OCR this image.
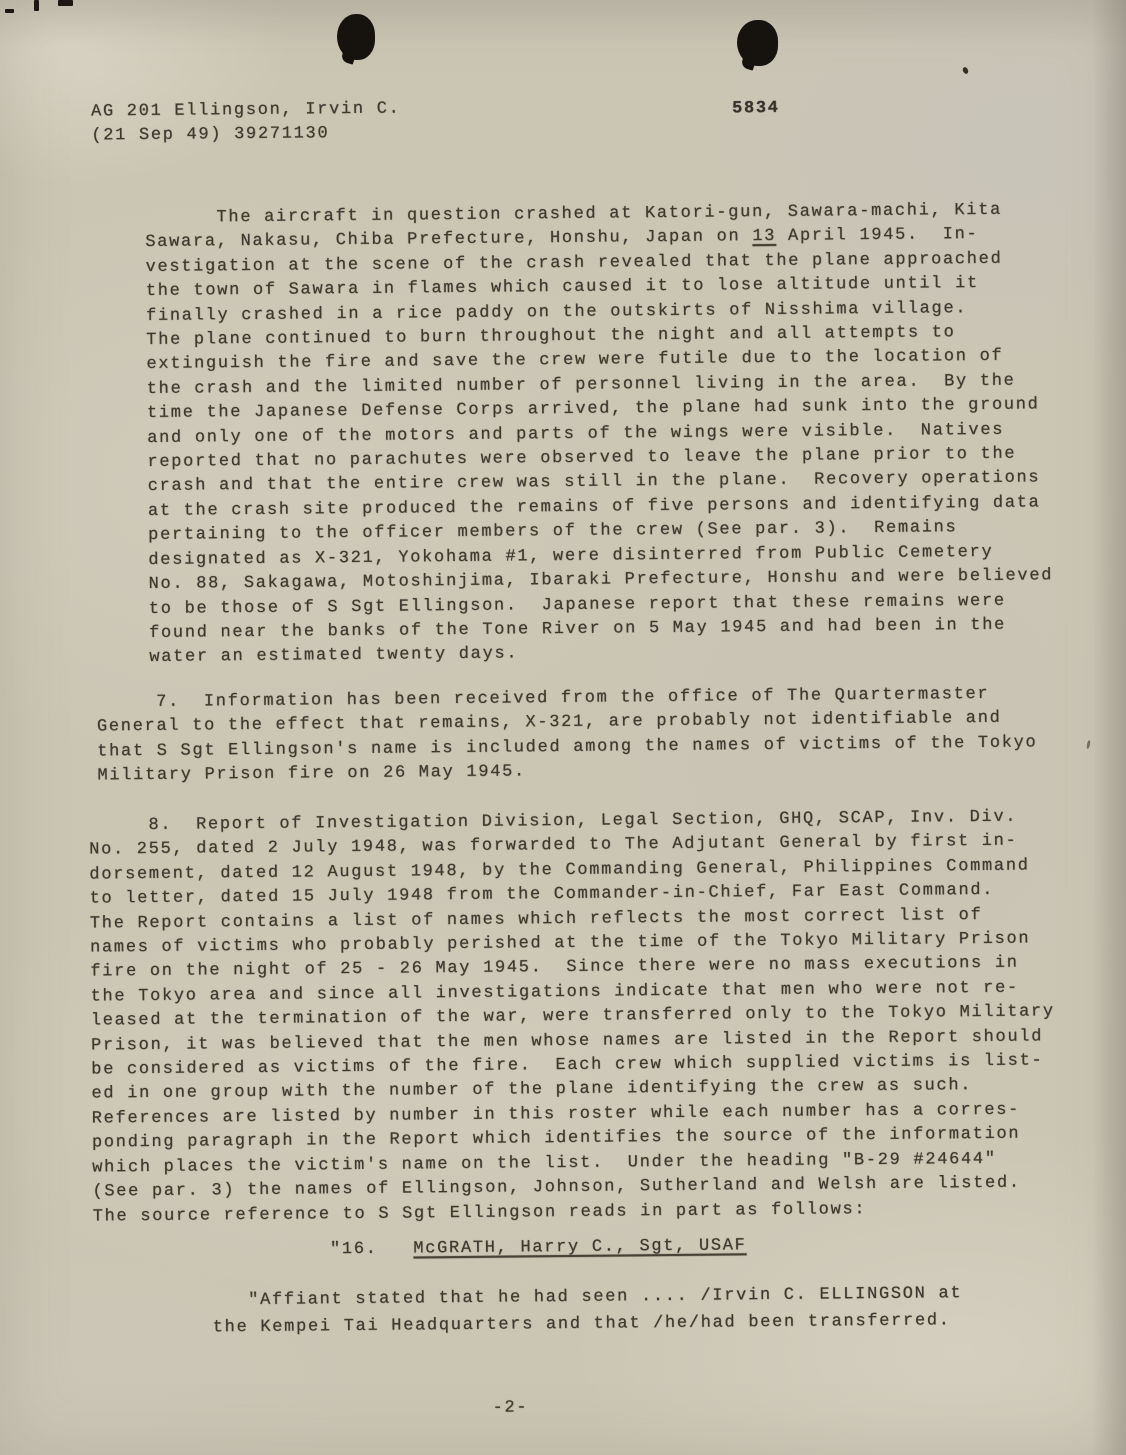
AG 201 Ellingson, Irvin C.
(21 Sep 49) 39271130

5834

The aircraft in question crashed at Katori-gun, Sawara-machi, Kita
Sawara, Nakasu, Chiba Prefecture, Honshu, Japan on 13 April 1945.  In-
vestigation at the scene of the crash revealed that the plane approached
the town of Sawara in flames which caused it to lose altitude until it
finally crashed in a rice paddy on the outskirts of Nisshima village.
The plane continued to burn throughout the night and all attempts to
extinguish the fire and save the crew were futile due to the location of
the crash and the limited number of personnel living in the area.  By the
time the Japanese Defense Corps arrived, the plane had sunk into the ground
and only one of the motors and parts of the wings were visible.  Natives
reported that no parachutes were observed to leave the plane prior to the
crash and that the entire crew was still in the plane.  Recovery operations
at the crash site produced the remains of five persons and identifying data
pertaining to the officer members of the crew (See par. 3).  Remains
designated as X-321, Yokohama #1, were disinterred from Public Cemetery
No. 88, Sakagawa, Motoshinjima, Ibaraki Prefecture, Honshu and were believed
to be those of S Sgt Ellingson.  Japanese report that these remains were
found near the banks of the Tone River on 5 May 1945 and had been in the
water an estimated twenty days.

7.  Information has been received from the office of The Quartermaster
General to the effect that remains, X-321, are probably not identifiable and
that S Sgt Ellingson's name is included among the names of victims of the Tokyo
Military Prison fire on 26 May 1945.

8.  Report of Investigation Division, Legal Section, GHQ, SCAP, Inv. Div.
No. 255, dated 2 July 1948, was forwarded to The Adjutant General by first in-
dorsement, dated 12 August 1948, by the Commanding General, Philippines Command
to letter, dated 15 July 1948 from the Commander-in-Chief, Far East Command.
The Report contains a list of names which reflects the most correct list of
names of victims who probably perished at the time of the Tokyo Military Prison
fire on the night of 25 - 26 May 1945.  Since there were no mass executions in
the Tokyo area and since all investigations indicate that men who were not re-
leased at the termination of the war, were transferred only to the Tokyo Military
Prison, it was believed that the men whose names are listed in the Report should
be considered as victims of the fire.  Each crew which supplied victims is list-
ed in one group with the number of the plane identifying the crew as such.
References are listed by number in this roster while each number has a corres-
ponding paragraph in the Report which identifies the source of the information
which places the victim's name on the list.  Under the heading "B-29 #24644"
(See par. 3) the names of Ellingson, Johnson, Sutherland and Welsh are listed.
The source reference to S Sgt Ellingson reads in part as follows:

"16.   McGRATH, Harry C., Sgt, USAF

"Affiant stated that he had seen .... /Irvin C. ELLINGSON at
the Kempei Tai Headquarters and that /he/had been transferred.

-2-
